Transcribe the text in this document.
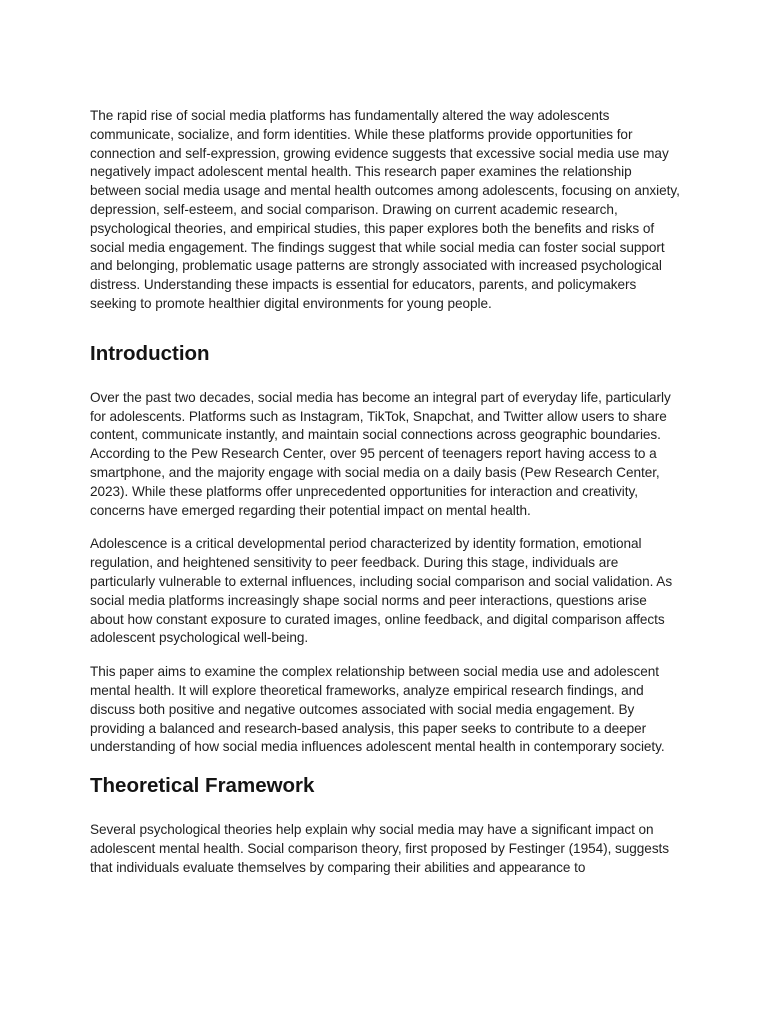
The rapid rise of social media platforms has fundamentally altered the way adolescents communicate, socialize, and form identities. While these platforms provide opportunities for connection and self-expression, growing evidence suggests that excessive social media use may negatively impact adolescent mental health. This research paper examines the relationship between social media usage and mental health outcomes among adolescents, focusing on anxiety, depression, self-esteem, and social comparison. Drawing on current academic research, psychological theories, and empirical studies, this paper explores both the benefits and risks of social media engagement. The findings suggest that while social media can foster social support and belonging, problematic usage patterns are strongly associated with increased psychological distress. Understanding these impacts is essential for educators, parents, and policymakers seeking to promote healthier digital environments for young people.

Introduction

Over the past two decades, social media has become an integral part of everyday life, particularly for adolescents. Platforms such as Instagram, TikTok, Snapchat, and Twitter allow users to share content, communicate instantly, and maintain social connections across geographic boundaries. According to the Pew Research Center, over 95 percent of teenagers report having access to a smartphone, and the majority engage with social media on a daily basis (Pew Research Center, 2023). While these platforms offer unprecedented opportunities for interaction and creativity, concerns have emerged regarding their potential impact on mental health.

Adolescence is a critical developmental period characterized by identity formation, emotional regulation, and heightened sensitivity to peer feedback. During this stage, individuals are particularly vulnerable to external influences, including social comparison and social validation. As social media platforms increasingly shape social norms and peer interactions, questions arise about how constant exposure to curated images, online feedback, and digital comparison affects adolescent psychological well-being.

This paper aims to examine the complex relationship between social media use and adolescent mental health. It will explore theoretical frameworks, analyze empirical research findings, and discuss both positive and negative outcomes associated with social media engagement. By providing a balanced and research-based analysis, this paper seeks to contribute to a deeper understanding of how social media influences adolescent mental health in contemporary society.

Theoretical Framework

Several psychological theories help explain why social media may have a significant impact on adolescent mental health. Social comparison theory, first proposed by Festinger (1954), suggests that individuals evaluate themselves by comparing their abilities and appearance to
